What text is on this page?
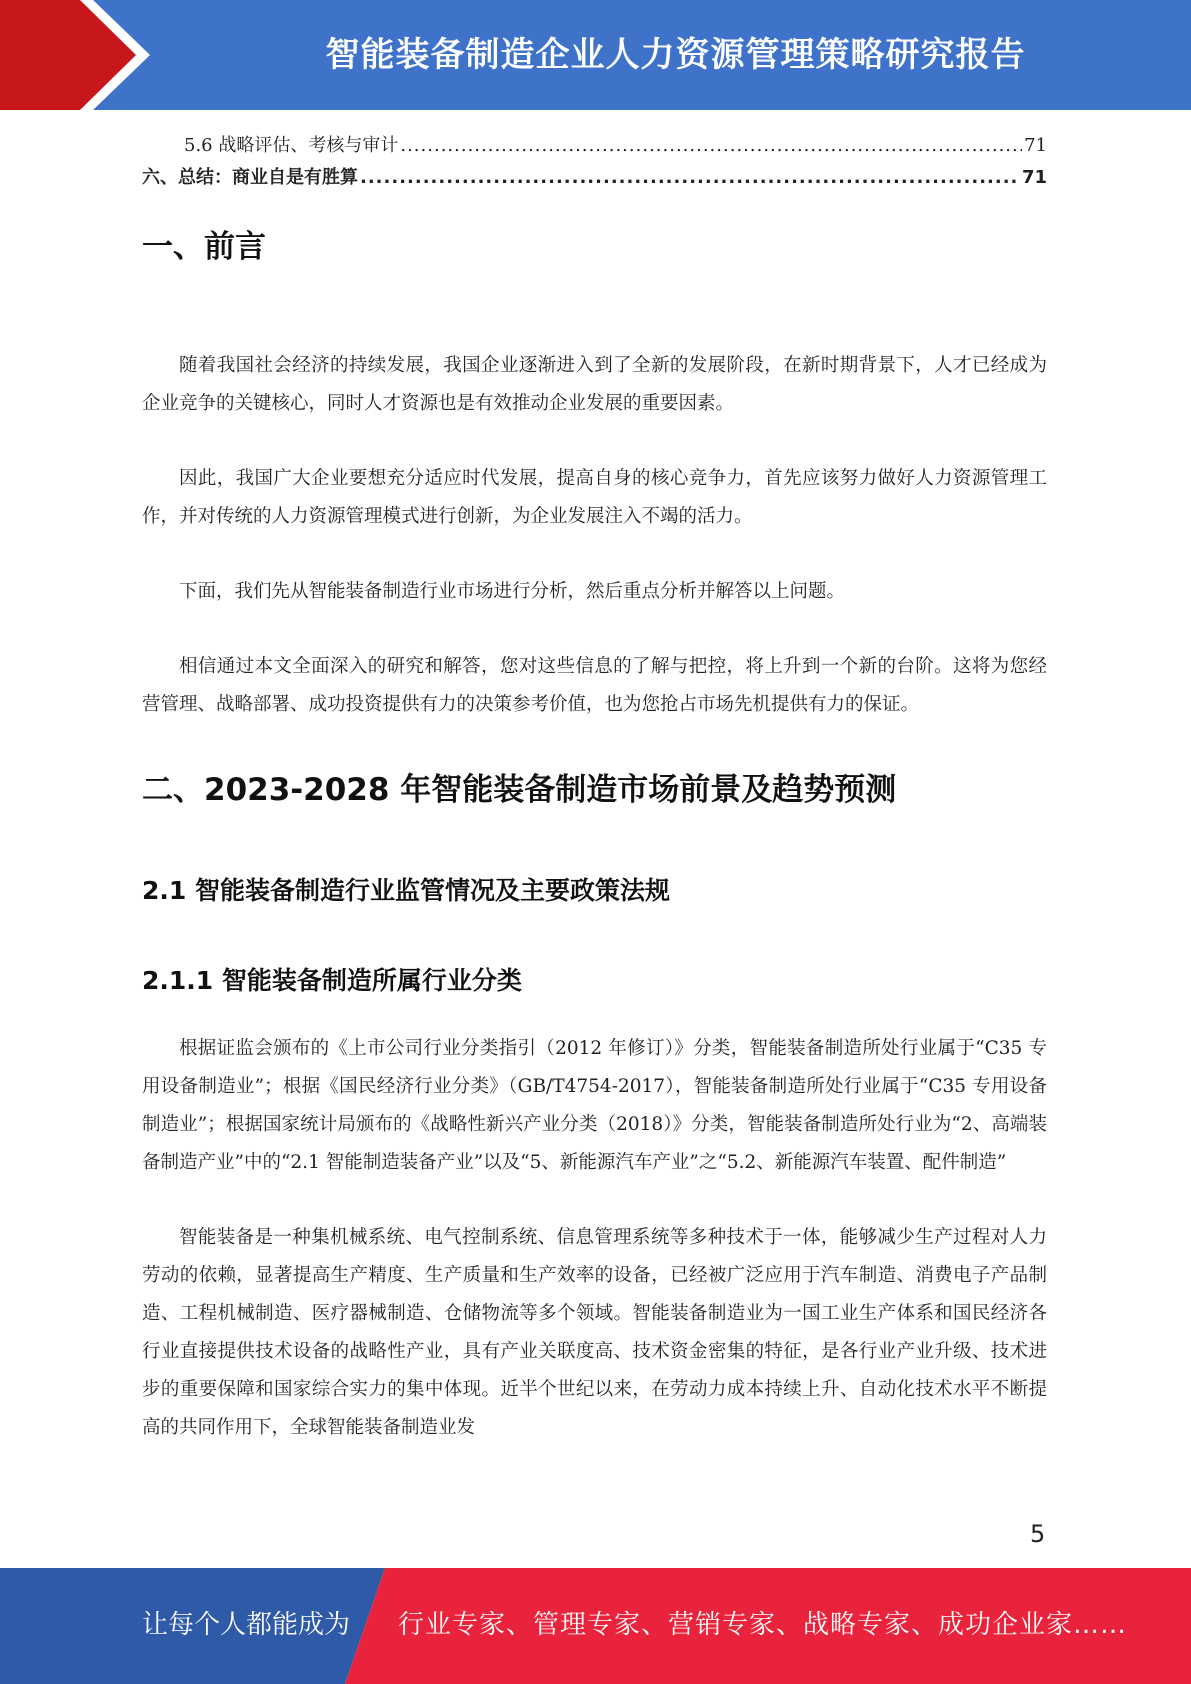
智能装备制造企业人力资源管理策略研究报告
5.6 战略评估、考核与审计 .....	71
六、总结：商业自是有胜算 .....	71
一、前言

随着我国社会经济的持续发展，我国企业逐渐进入到了全新的发展阶段，在新时期背景下，人才已经成为企业竞争的关键核心，同时人才资源也是有效推动企业发展的重要因素。

因此，我国广大企业要想充分适应时代发展，提高自身的核心竞争力，首先应该努力做好人力资源管理工作，并对传统的人力资源管理模式进行创新，为企业发展注入不竭的活力。

下面，我们先从智能装备制造行业市场进行分析，然后重点分析并解答以上问题。

相信通过本文全面深入的研究和解答，您对这些信息的了解与把控，将上升到一个新的台阶。这将为您经营管理、战略部署、成功投资提供有力的决策参考价值，也为您抢占市场先机提供有力的保证。

二、2023-2028 年智能装备制造市场前景及趋势预测
2.1 智能装备制造行业监管情况及主要政策法规
2.1.1 智能装备制造所属行业分类

根据证监会颁布的《上市公司行业分类指引（2012 年修订）》分类，智能装备制造所处行业属于“C35 专用设备制造业”；根据《国民经济行业分类》（GB/T4754-2017），智能装备制造所处行业属于“C35 专用设备制造业”；根据国家统计局颁布的《战略性新兴产业分类（2018）》分类，智能装备制造所处行业为“2、高端装备制造产业”中的“2.1 智能制造装备产业”以及“5、新能源汽车产业”之“5.2、新能源汽车装置、配件制造”

智能装备是一种集机械系统、电气控制系统、信息管理系统等多种技术于一体，能够减少生产过程对人力劳动的依赖，显著提高生产精度、生产质量和生产效率的设备，已经被广泛应用于汽车制造、消费电子产品制造、工程机械制造、医疗器械制造、仓储物流等多个领域。智能装备制造业为一国工业生产体系和国民经济各行业直接提供技术设备的战略性产业，具有产业关联度高、技术资金密集的特征，是各行业产业升级、技术进步的重要保障和国家综合实力的集中体现。近半个世纪以来，在劳动力成本持续上升、自动化技术水平不断提高的共同作用下，全球智能装备制造业发

5
让每个人都能成为 行业专家、管理专家、营销专家、战略专家、成功企业家……
